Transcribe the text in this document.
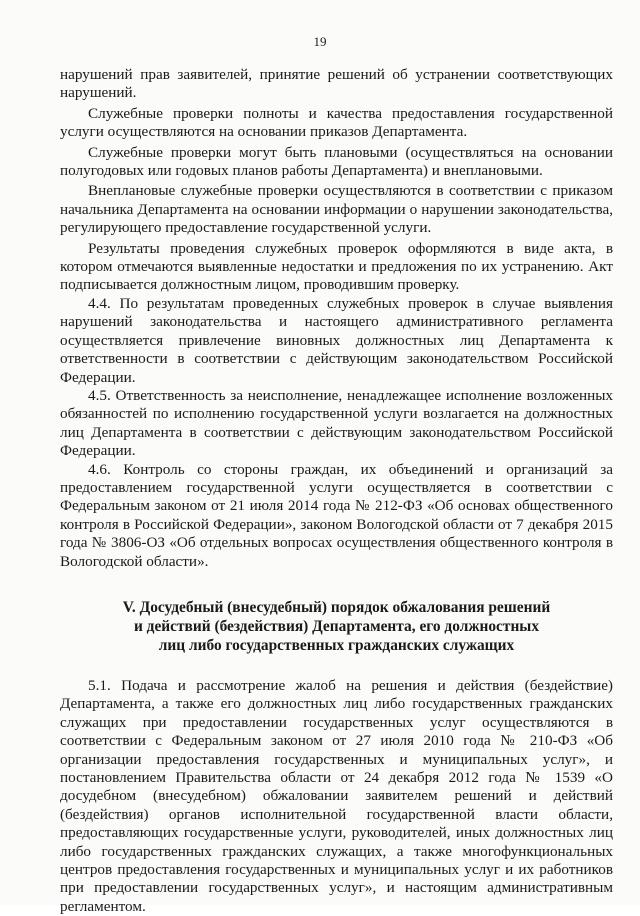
19

нарушений прав заявителей, принятие решений об устранении соответствующих нарушений.

Служебные проверки полноты и качества предоставления государственной услуги осуществляются на основании приказов Департамента.

Служебные проверки могут быть плановыми (осуществляться на основании полугодовых или годовых планов работы Департамента) и внеплановыми.

Внеплановые служебные проверки осуществляются в соответствии с приказом начальника Департамента на основании информации о нарушении законодательства, регулирующего предоставление государственной услуги.

Результаты проведения служебных проверок оформляются в виде акта, в котором отмечаются выявленные недостатки и предложения по их устранению. Акт подписывается должностным лицом, проводившим проверку.

4.4. По результатам проведенных служебных проверок в случае выявления нарушений законодательства и настоящего административного регламента осуществляется привлечение виновных должностных лиц Департамента к ответственности в соответствии с действующим законодательством Российской Федерации.

4.5. Ответственность за неисполнение, ненадлежащее исполнение возложенных обязанностей по исполнению государственной услуги возлагается на должностных лиц Департамента в соответствии с действующим законодательством Российской Федерации.

4.6. Контроль со стороны граждан, их объединений и организаций за предоставлением государственной услуги осуществляется в соответствии с Федеральным законом от 21 июля 2014 года № 212-ФЗ «Об основах общественного контроля в Российской Федерации», законом Вологодской области от 7 декабря 2015 года № 3806-ОЗ «Об отдельных вопросах осуществления общественного контроля в Вологодской области».

V. Досудебный (внесудебный) порядок обжалования решений
и действий (бездействия) Департамента, его должностных
лиц либо государственных гражданских служащих

5.1. Подача и рассмотрение жалоб на решения и действия (бездействие) Департамента, а также его должностных лиц либо государственных гражданских служащих при предоставлении государственных услуг осуществляются в соответствии с Федеральным законом от 27 июля 2010 года № 210-ФЗ «Об организации предоставления государственных и муниципальных услуг», и постановлением Правительства области от 24 декабря 2012 года № 1539 «О досудебном (внесудебном) обжаловании заявителем решений и действий (бездействия) органов исполнительной государственной власти области, предоставляющих государственные услуги, руководителей, иных должностных лиц либо государственных гражданских служащих, а также многофункциональных центров предоставления государственных и муниципальных услуг и их работников при предоставлении государственных услуг», и настоящим административным регламентом.
